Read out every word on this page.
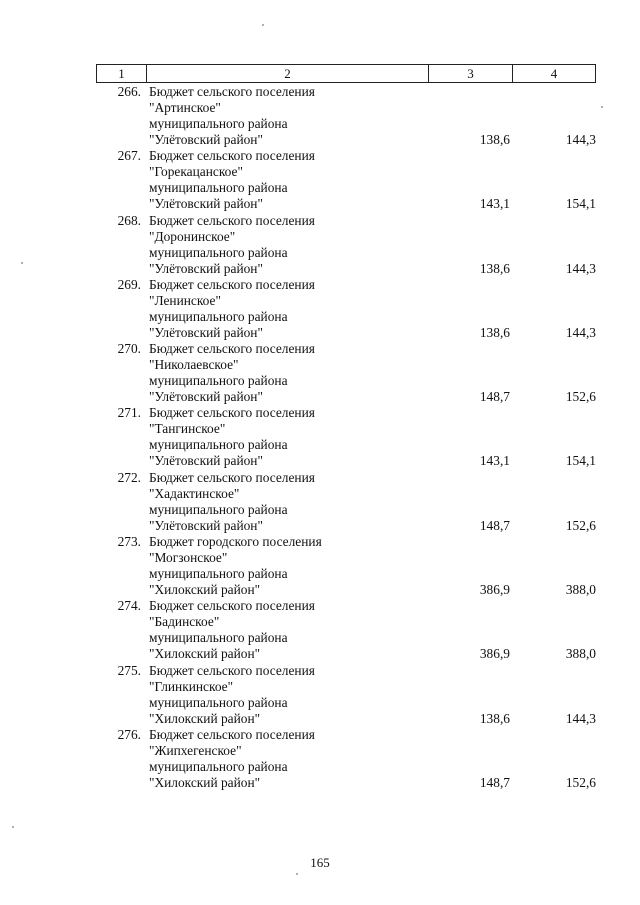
1	2	3	4
266. Бюджет сельского поселения
"Артинское"
муниципального района
"Улётовский район"	138,6	144,3
267. Бюджет сельского поселения
"Горекацанское"
муниципального района
"Улётовский район"	143,1	154,1
268. Бюджет сельского поселения
"Доронинское"
муниципального района
"Улётовский район"	138,6	144,3
269. Бюджет сельского поселения
"Ленинское"
муниципального района
"Улётовский район"	138,6	144,3
270. Бюджет сельского поселения
"Николаевское"
муниципального района
"Улётовский район"	148,7	152,6
271. Бюджет сельского поселения
"Тангинское"
муниципального района
"Улётовский район"	143,1	154,1
272. Бюджет сельского поселения
"Хадактинское"
муниципального района
"Улётовский район"	148,7	152,6
273. Бюджет городского поселения
"Могзонское"
муниципального района
"Хилокский район"	386,9	388,0
274. Бюджет сельского поселения
"Бадинское"
муниципального района
"Хилокский район"	386,9	388,0
275. Бюджет сельского поселения
"Глинкинское"
муниципального района
"Хилокский район"	138,6	144,3
276. Бюджет сельского поселения
"Жипхегенское"
муниципального района
"Хилокский район"	148,7	152,6
165
